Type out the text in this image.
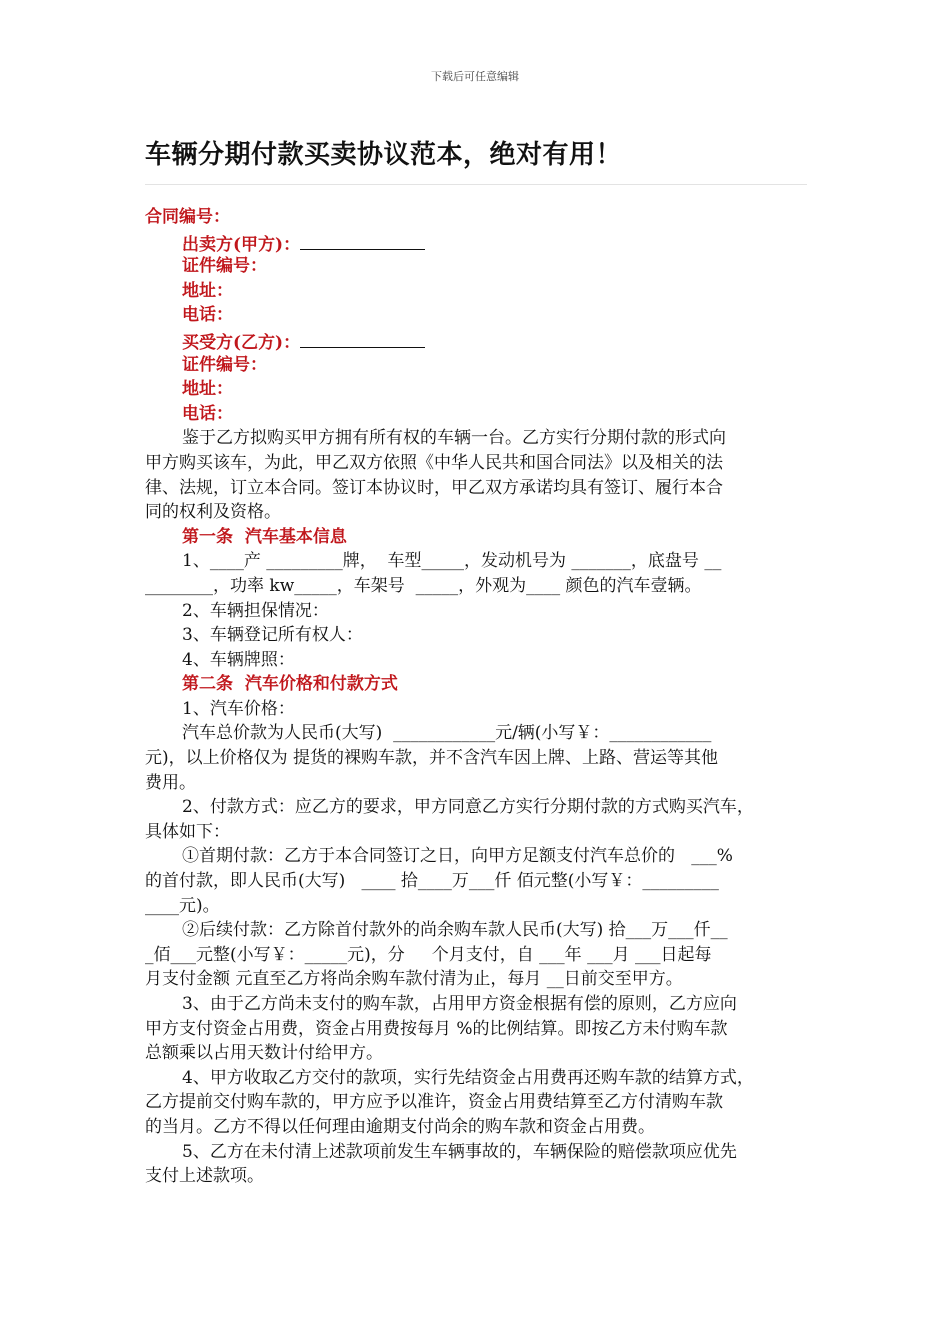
下载后可任意编辑
车辆分期付款买卖协议范本，绝对有用！
合同编号：
出卖方(甲方)：
证件编号：
地址：
电话：
买受方(乙方)：
证件编号：
地址：
电话：
鉴于乙方拟购买甲方拥有所有权的车辆一台。乙方实行分期付款的形式向
甲方购买该车，为此，甲乙双方依照《中华人民共和国合同法》以及相关的法
律、法规，订立本合同。签订本协议时，甲乙双方承诺均具有签订、履行本合
同的权利及资格。
第一条  汽车基本信息
1、____产 _________牌，  车型_____，发动机号为 _______，底盘号 __
________，功率 kw_____，车架号  _____，外观为____ 颜色的汽车壹辆。
2、车辆担保情况：
3、车辆登记所有权人：
4、车辆牌照：
第二条  汽车价格和付款方式
1、汽车价格：
汽车总价款为人民币(大写)  ____________元/辆(小写￥：____________
元)，以上价格仅为 提货的裸购车款，并不含汽车因上牌、上路、营运等其他
费用。
2、付款方式：应乙方的要求，甲方同意乙方实行分期付款的方式购买汽车，
具体如下：
①首期付款：乙方于本合同签订之日，向甲方足额支付汽车总价的   ___%
的首付款，即人民币(大写)   ____ 拾____万___仟 佰元整(小写￥：_________
____元)。
②后续付款：乙方除首付款外的尚余购车款人民币(大写) 拾___万___仟__
_佰___元整(小写￥：_____元)，分     个月支付，自 ___年 ___月 ___日起每
月支付金额 元直至乙方将尚余购车款付清为止，每月 __日前交至甲方。
3、由于乙方尚未支付的购车款，占用甲方资金根据有偿的原则，乙方应向
甲方支付资金占用费，资金占用费按每月 %的比例结算。即按乙方未付购车款
总额乘以占用天数计付给甲方。
4、甲方收取乙方交付的款项，实行先结资金占用费再还购车款的结算方式，
乙方提前交付购车款的，甲方应予以准许，资金占用费结算至乙方付清购车款
的当月。乙方不得以任何理由逾期支付尚余的购车款和资金占用费。
5、乙方在未付清上述款项前发生车辆事故的，车辆保险的赔偿款项应优先
支付上述款项。
